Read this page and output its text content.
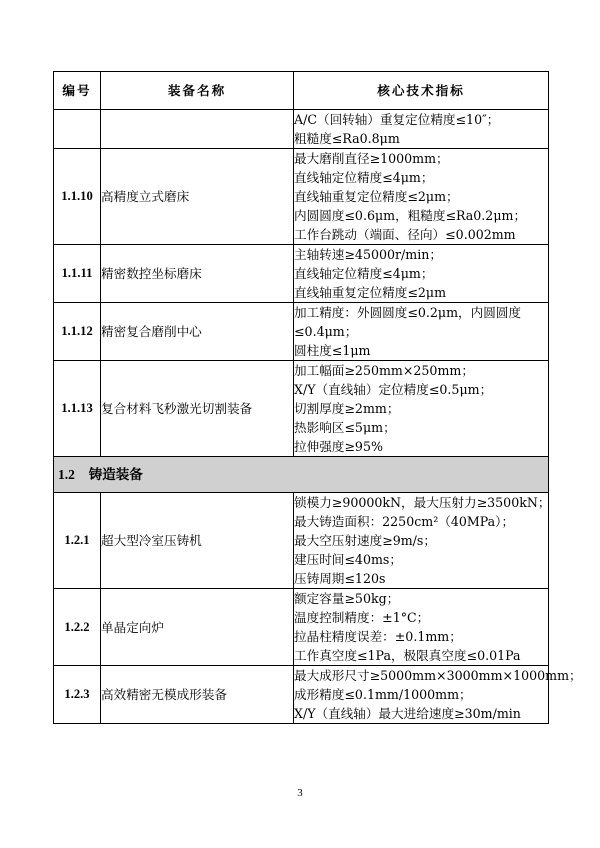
编号	装备名称	核心技术指标

		A/C（回转轴）重复定位精度≤10″；
粗糙度≤Ra0.8μm

1.1.10	高精度立式磨床	最大磨削直径≥1000mm；
直线轴定位精度≤4μm；
直线轴重复定位精度≤2μm；
内圆圆度≤0.6μm，粗糙度≤Ra0.2μm；
工作台跳动（端面、径向）≤0.002mm

1.1.11	精密数控坐标磨床	主轴转速≥45000r/min；
直线轴定位精度≤4μm；
直线轴重复定位精度≤2μm

1.1.12	精密复合磨削中心	加工精度：外圆圆度≤0.2μm，内圆圆度≤0.4μm；
圆柱度≤1μm

1.1.13	复合材料飞秒激光切割装备	加工幅面≥250mm×250mm；
X/Y（直线轴）定位精度≤0.5μm；
切割厚度≥2mm；
热影响区≤5μm；
拉伸强度≥95%

1.2 铸造装备		
1.2.1	超大型冷室压铸机	锁模力≥90000kN，最大压射力≥3500kN；
最大铸造面积：2250cm²（40MPa）；
最大空压射速度≥9m/s；
建压时间≤40ms；
压铸周期≤120s

1.2.2	单晶定向炉	额定容量≥50kg；
温度控制精度：±1°C；
拉晶柱精度误差：±0.1mm；
工作真空度≤1Pa，极限真空度≤0.01Pa

1.2.3	高效精密无模成形装备	最大成形尺寸≥5000mm×3000mm×1000mm；
成形精度≤0.1mm/1000mm；
X/Y（直线轴）最大进给速度≥30m/min
3
